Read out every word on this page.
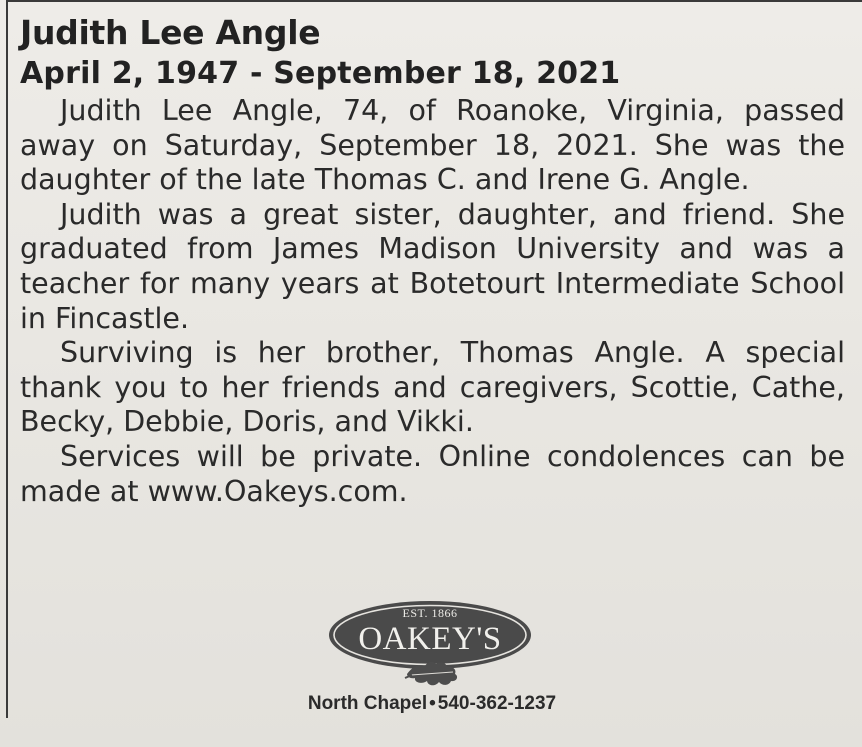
Judith Lee Angle
April 2, 1947 - September 18, 2021

Judith Lee Angle, 74, of Roanoke, Virginia, passed away on Saturday, September 18, 2021. She was the daughter of the late Thomas C. and Irene G. Angle.

Judith was a great sister, daughter, and friend. She graduated from James Madison University and was a teacher for many years at Botetourt Intermediate School in Fincastle.

Surviving is her brother, Thomas Angle. A special thank you to her friends and caregivers, Scottie, Cathe, Becky, Debbie, Doris, and Vikki.

Services will be private. Online condolences can be made at www.Oakeys.com.

EST. 1866
OAKEY'S
North Chapel • 540-362-1237
